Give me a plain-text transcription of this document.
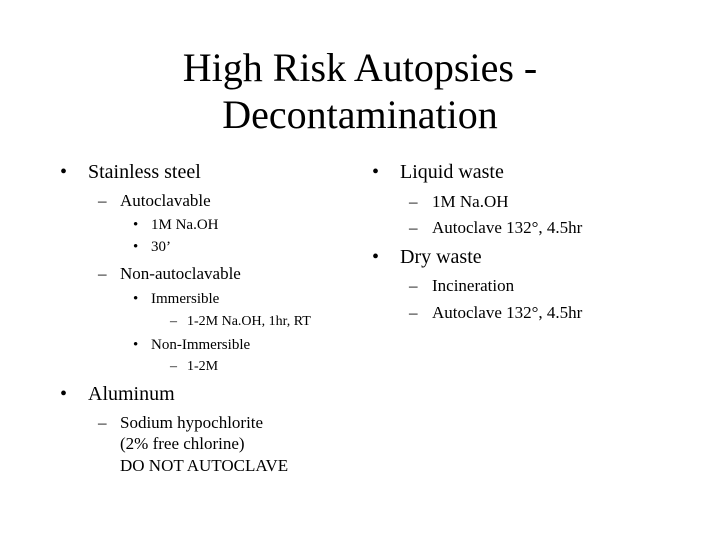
High Risk Autopsies -
Decontamination
• Stainless steel
– Autoclavable
• 1M Na.OH
• 30’
– Non-autoclavable
• Immersible
– 1-2M Na.OH, 1hr, RT
• Non-Immersible
– 1-2M
• Aluminum
– Sodium hypochlorite
(2% free chlorine)
DO NOT AUTOCLAVE
• Liquid waste
– 1M Na.OH
– Autoclave 132°, 4.5hr
• Dry waste
– Incineration
– Autoclave 132°, 4.5hr
